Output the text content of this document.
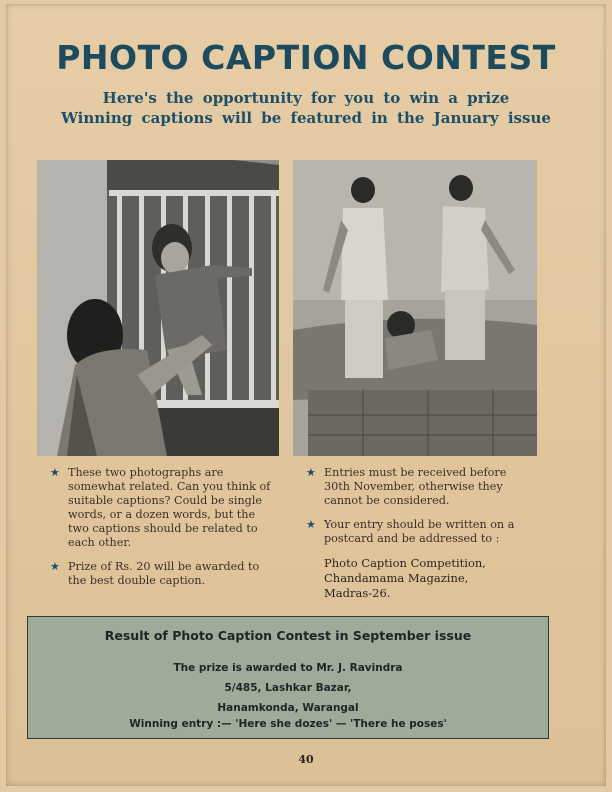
PHOTO CAPTION CONTEST
Here's the opportunity for you to win a prize
Winning captions will be featured in the January issue
★ These two photographs are somewhat related. Can you think of suitable captions? Could be single words, or a dozen words, but the two captions should be related to each other.
★ Prize of Rs. 20 will be awarded to the best double caption.
★ Entries must be received before 30th November, otherwise they cannot be considered.
★ Your entry should be written on a postcard and be addressed to :
Photo Caption Competition,
Chandamama Magazine,
Madras-26.
Result of Photo Caption Contest in September issue
The prize is awarded to Mr. J. Ravindra
5/485, Lashkar Bazar,
Hanamkonda, Warangal
Winning entry :— 'Here she dozes' — 'There he poses'
40
